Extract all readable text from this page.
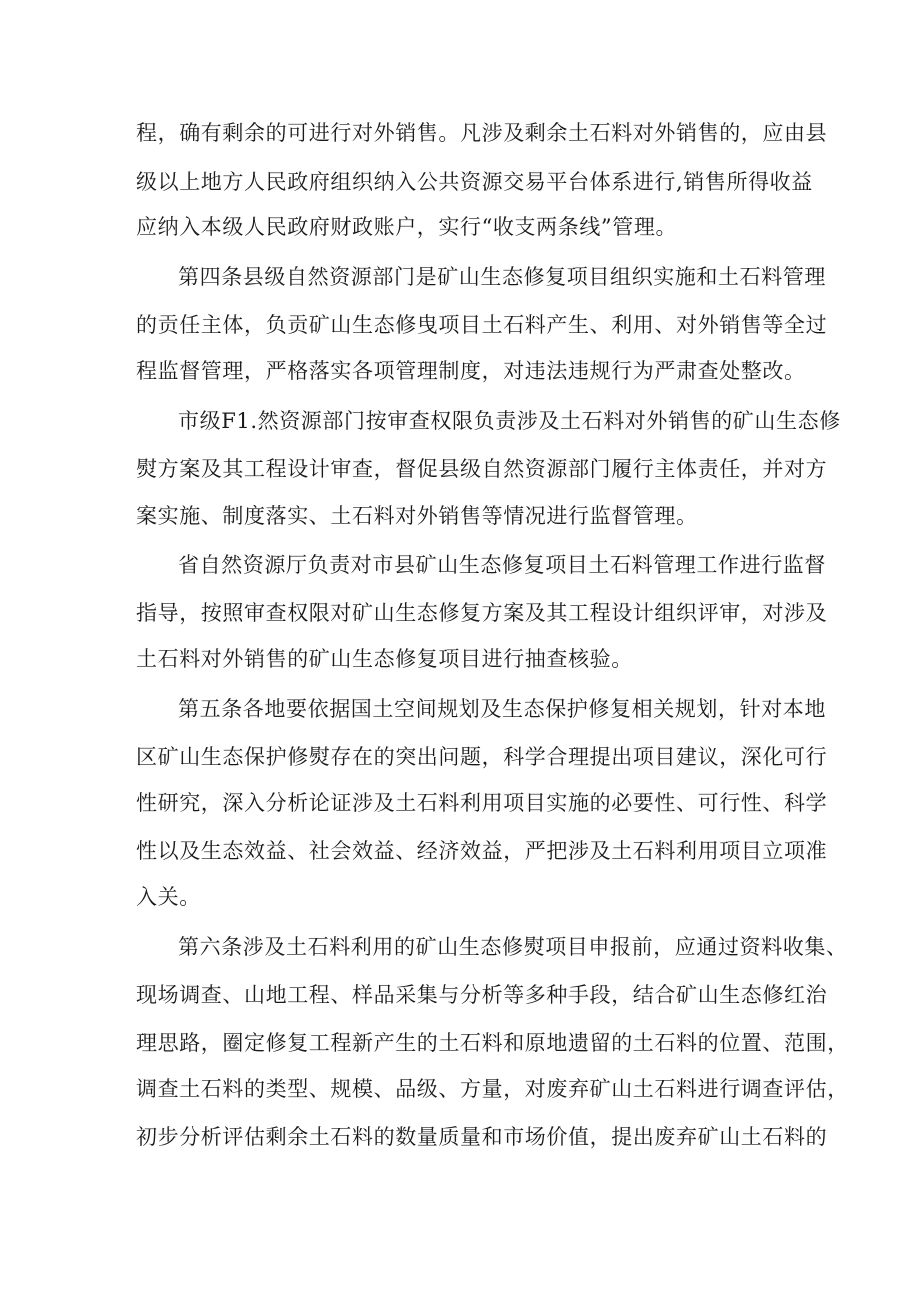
程，确有剩余的可进行对外销售。凡涉及剩余土石料对外销售的，应由县
级以上地方人民政府组织纳入公共资源交易平台体系进行,销售所得收益
应纳入本级人民政府财政账户，实行“收支两条线”管理。
第四条县级自然资源部门是矿山生态修复项目组织实施和土石料管理
的贡任主体，负贡矿山生态修曳项目土石料产生、利用、对外销售等全过
程监督管理，严格落实各项管理制度，对违法违规行为严肃查处整改。
市级F1.然资源部门按审查权限负责涉及土石料对外销售的矿山生态修
熨方案及其工程设计审查，督促县级自然资源部门履行主体责任，并对方
案实施、制度落实、土石料对外销售等情况进行监督管理。
省自然资源厅负责对市县矿山生态修复项目土石料管理工作进行监督
指导，按照审查权限对矿山生态修复方案及其工程设计组织评审，对涉及
土石料对外销售的矿山生态修复项目进行抽查核验。
第五条各地要依据国土空间规划及生态保护修复相关规划，针对本地
区矿山生态保护修熨存在的突出问题，科学合理提出项目建议，深化可行
性研究，深入分析论证涉及土石料利用项目实施的必要性、可行性、科学
性以及生态效益、社会效益、经济效益，严把涉及土石料利用项目立项准
入关。
第六条涉及土石料利用的矿山生态修熨项目申报前，应通过资料收集、
现场调查、山地工程、样品采集与分析等多种手段，结合矿山生态修红治
理思路，圈定修复工程新产生的土石料和原地遗留的土石料的位置、范围，
调查土石料的类型、规模、品级、方量，对废弃矿山土石料进行调查评估，
初步分析评估剩余土石料的数量质量和市场价值，提出废弃矿山土石料的
